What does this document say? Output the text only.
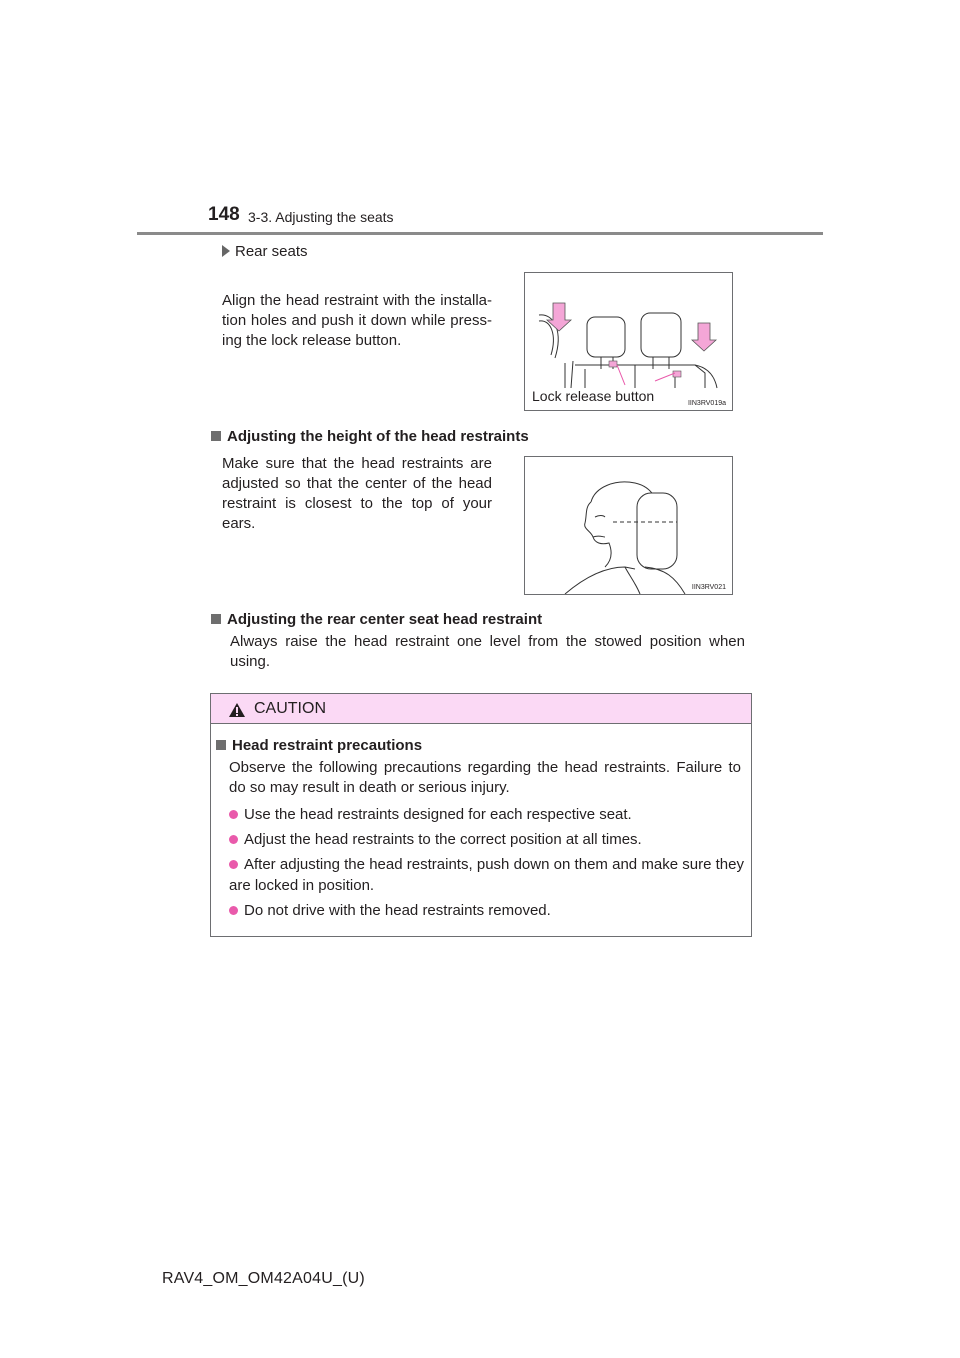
148 3-3. Adjusting the seats
Rear seats
Align the head restraint with the installa- tion holes and push it down while press- ing the lock release button.
Lock release button	IIN3RV019a
Adjusting the height of the head restraints
Make sure that the head restraints are adjusted so that the center of the head restraint is closest to the top of your ears.
IIN3RV021
Adjusting the rear center seat head restraint
Always raise the head restraint one level from the stowed position when using.
CAUTION
Head restraint precautions
Observe the following precautions regarding the head restraints. Failure to do so may result in death or serious injury.
Use the head restraints designed for each respective seat.
Adjust the head restraints to the correct position at all times.
After adjusting the head restraints, push down on them and make sure they are locked in position.
Do not drive with the head restraints removed.
RAV4_OM_OM42A04U_(U)
